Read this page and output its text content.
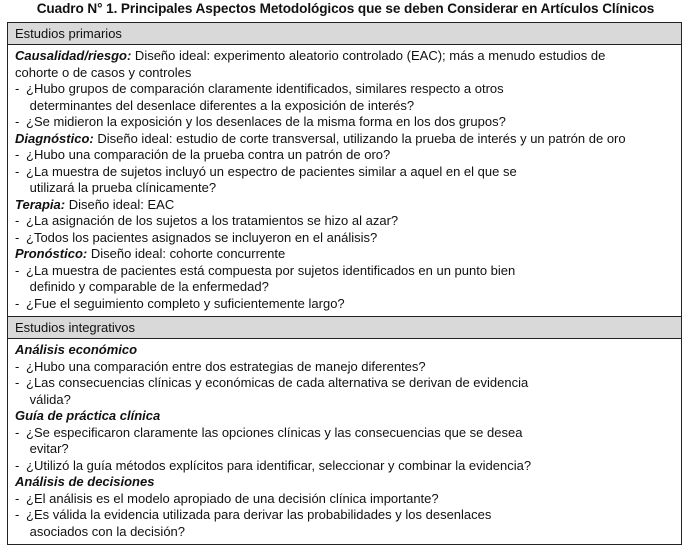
Cuadro N° 1. Principales Aspectos Metodológicos que se deben Considerar en Artículos Clínicos
Estudios primarios
Causalidad/riesgo: Diseño ideal: experimento aleatorio controlado (EAC); más a menudo estudios de
cohorte o de casos y controles
- ¿Hubo grupos de comparación claramente identificados, similares respecto a otros
determinantes del desenlace diferentes a la exposición de interés?
- ¿Se midieron la exposición y los desenlaces de la misma forma en los dos grupos?
Diagnóstico: Diseño ideal: estudio de corte transversal, utilizando la prueba de interés y un patrón de oro
- ¿Hubo una comparación de la prueba contra un patrón de oro?
- ¿La muestra de sujetos incluyó un espectro de pacientes similar a aquel en el que se
utilizará la prueba clínicamente?
Terapia: Diseño ideal: EAC
- ¿La asignación de los sujetos a los tratamientos se hizo al azar?
- ¿Todos los pacientes asignados se incluyeron en el análisis?
Pronóstico: Diseño ideal: cohorte concurrente
- ¿La muestra de pacientes está compuesta por sujetos identificados en un punto bien
definido y comparable de la enfermedad?
- ¿Fue el seguimiento completo y suficientemente largo?
Estudios integrativos
Análisis económico
- ¿Hubo una comparación entre dos estrategias de manejo diferentes?
- ¿Las consecuencias clínicas y económicas de cada alternativa se derivan de evidencia
válida?
Guía de práctica clínica
- ¿Se especificaron claramente las opciones clínicas y las consecuencias que se desea
evitar?
- ¿Utilizó la guía métodos explícitos para identificar, seleccionar y combinar la evidencia?
Análisis de decisiones
- ¿El análisis es el modelo apropiado de una decisión clínica importante?
- ¿Es válida la evidencia utilizada para derivar las probabilidades y los desenlaces
asociados con la decisión?
